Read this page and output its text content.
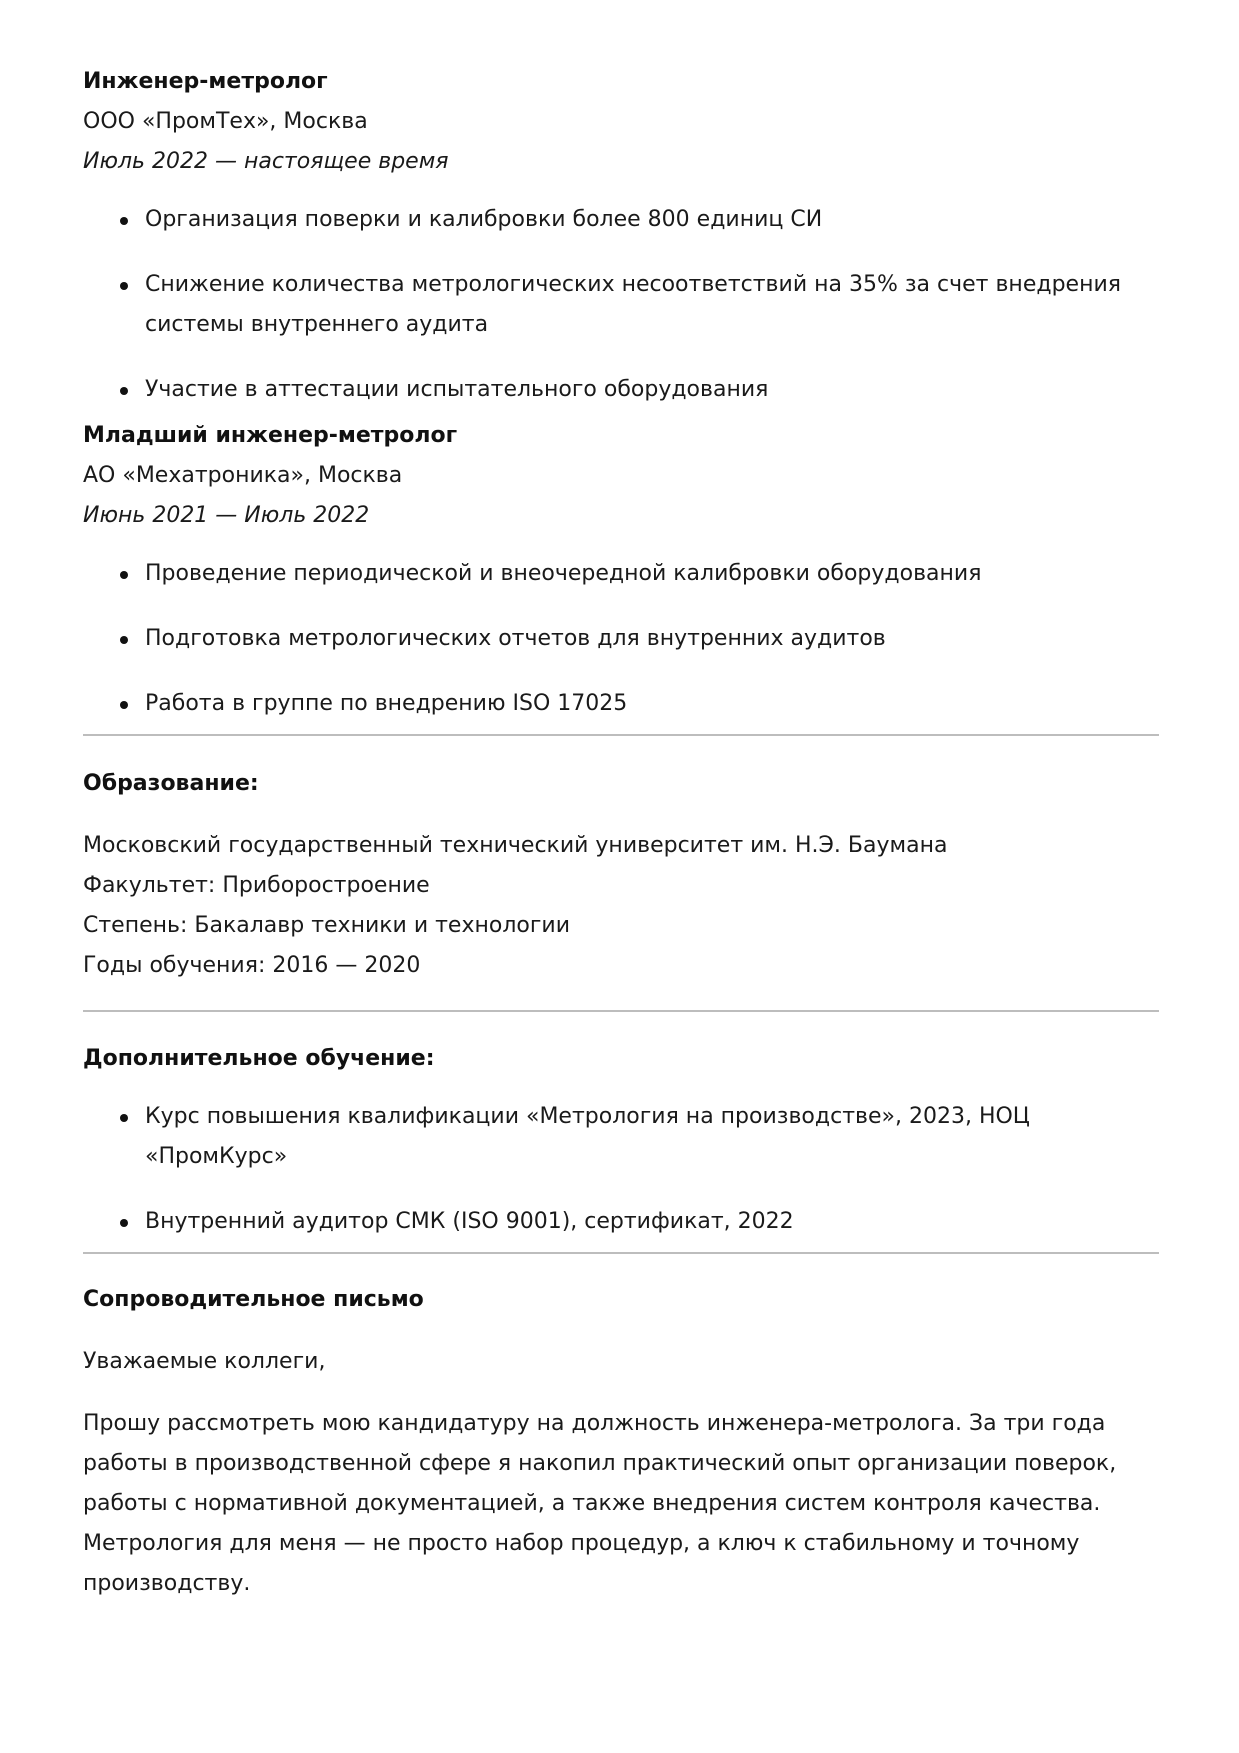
Инженер-метролог

ООО «ПромТех», Москва

Июль 2022 — настоящее время

Организация поверки и калибровки более 800 единиц СИ
Снижение количества метрологических несоответствий на 35% за счет внедрения системы внутреннего аудита
Участие в аттестации испытательного оборудования
Младший инженер-метролог

АО «Мехатроника», Москва

Июнь 2021 — Июль 2022

Проведение периодической и внеочередной калибровки оборудования
Подготовка метрологических отчетов для внутренних аудитов
Работа в группе по внедрению ISO 17025
Образование:

Московский государственный технический университет им. Н.Э. Баумана

Факультет: Приборостроение

Степень: Бакалавр техники и технологии

Годы обучения: 2016 — 2020

Дополнительное обучение:
Курс повышения квалификации «Метрология на производстве», 2023, НОЦ «ПромКурс»
Внутренний аудитор СМК (ISO 9001), сертификат, 2022
Сопроводительное письмо

Уважаемые коллеги,

Прошу рассмотреть мою кандидатуру на должность инженера-метролога. За три года работы в производственной сфере я накопил практический опыт организации поверок, работы с нормативной документацией, а также внедрения систем контроля качества. Метрология для меня — не просто набор процедур, а ключ к стабильному и точному производству.
